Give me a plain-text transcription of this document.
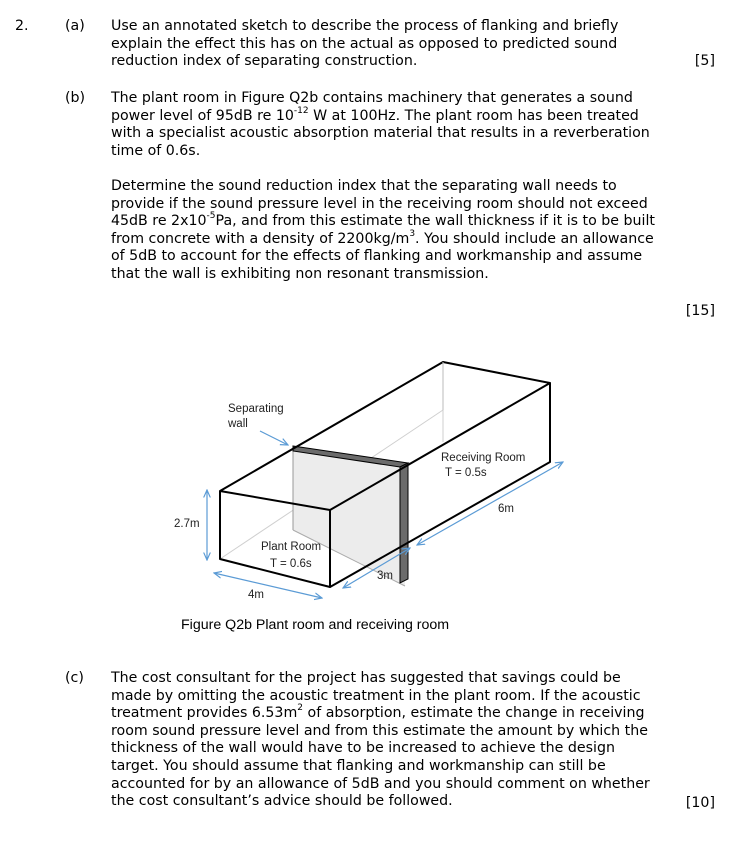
2.	(a) Use an annotated sketch to describe the process of flanking and briefly
explain the effect this has on the actual as opposed to predicted sound
reduction index of separating construction.	[5]
(b) The plant room in Figure Q2b contains machinery that generates a sound power level of 95dB re $10^{-12}$ W at 100Hz. The plant room has been treated with a specialist acoustic absorption material that results in a reverberation time of 0.6s.

Determine the sound reduction index that the separating wall needs to provide if the sound pressure level in the receiving room should not exceed 45dB re $2x10^{-5}Pa$, and from this estimate the wall thickness if it is to be built from concrete with a density of $2200kg/m^3$. You should include an allowance of 5dB to account for the effects of flanking and workmanship and assume that the wall is exhibiting non resonant transmission.

[15]
Separating
wall
Receiving Room
T = 0.5s
Plant Room
T = 0.6s
2.7m
4m
3m
6m
Figure Q2b Plant room and receiving room
(c) The cost consultant for the project has suggested that savings could be made by omitting the acoustic treatment in the plant room. If the acoustic treatment provides $6.53m^2$ of absorption, estimate the change in receiving room sound pressure level and from this estimate the amount by which the thickness of the wall would have to be increased to achieve the design target. You should assume that flanking and workmanship can still be accounted for by an allowance of 5dB and you should comment on whether the cost consultant’s advice should be followed.	[10]
